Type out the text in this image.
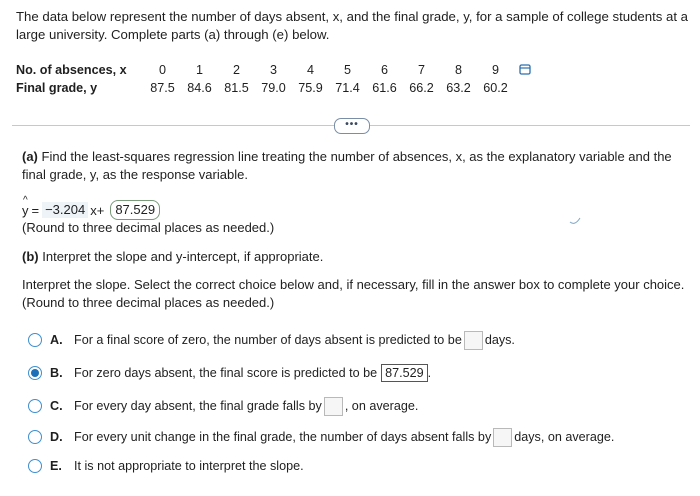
The data below represent the number of days absent, x, and the final grade, y, for a sample of college students at a large university. Complete parts (a) through (e) below.
No. of absences, x	0	1	2	3	4	5	6	7	8	9
Final grade, y	87.5	84.6	81.5	79.0	75.9	71.4	61.6	66.2	63.2	60.2
•••
(a) Find the least-squares regression line treating the number of absences, x, as the explanatory variable and the final grade, y, as the response variable.
^ y = −3.204 x+ 87.529
(Round to three decimal places as needed.)
(b) Interpret the slope and y-intercept, if appropriate.
Interpret the slope. Select the correct choice below and, if necessary, fill in the answer box to complete your choice.
(Round to three decimal places as needed.)
A. For a final score of zero, the number of days absent is predicted to be days.
B. For zero days absent, the final score is predicted to be 87.529 .
C. For every day absent, the final grade falls by , on average.
D. For every unit change in the final grade, the number of days absent falls by days, on average.
E. It is not appropriate to interpret the slope.
